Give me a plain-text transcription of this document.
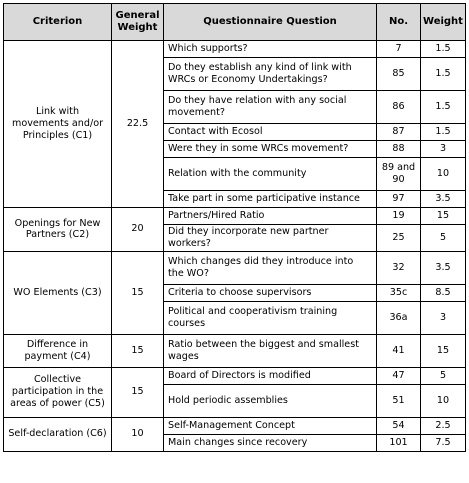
Criterion	General Weight	Questionnaire Question	No.	Weight
Link with movements and/or Principles (C1)	22.5	Which supports?	7	1.5
		Do they establish any kind of link with WRCs or Economy Undertakings?	85	1.5
		Do they have relation with any social movement?	86	1.5
		Contact with Ecosol	87	1.5
		Were they in some WRCs movement?	88	3
		Relation with the community	89 and 90	10
		Take part in some participative instance	97	3.5
Openings for New Partners (C2)	20	Partners/Hired Ratio	19	15
		Did they incorporate new partner workers?	25	5
WO Elements (C3)	15	Which changes did they introduce into the WO?	32	3.5
		Criteria to choose supervisors	35c	8.5
		Political and cooperativism training courses	36a	3
Difference in payment (C4)	15	Ratio between the biggest and smallest wages	41	15
Collective participation in the areas of power (C5)	15	Board of Directors is modified	47	5
		Hold periodic assemblies	51	10
Self-declaration (C6)	10	Self-Management Concept	54	2.5
		Main changes since recovery	101	7.5
